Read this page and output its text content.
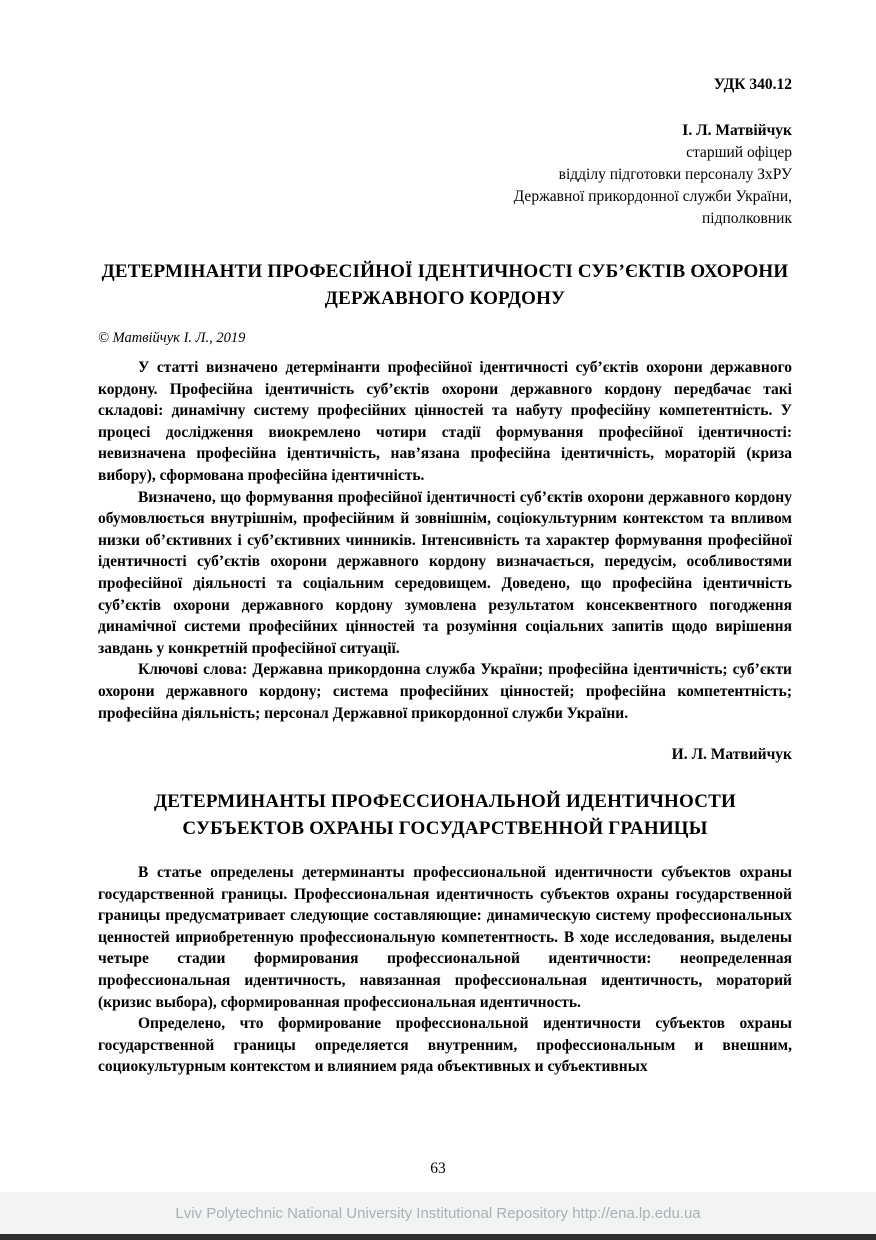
УДК 340.12
І. Л. Матвійчук
старший офіцер
відділу підготовки персоналу ЗхРУ
Державної прикордонної служби України,
підполковник
ДЕТЕРМІНАНТИ ПРОФЕСІЙНОЇ ІДЕНТИЧНОСТІ СУБ’ЄКТІВ ОХОРОНИ ДЕРЖАВНОГО КОРДОНУ
© Матвійчук І. Л., 2019

У статті визначено детермінанти професійної ідентичності суб’єктів охорони державного кордону. Професійна ідентичність суб’єктів охорони державного кордону передбачає такі складові: динамічну систему професійних цінностей та набуту професійну компетентність. У процесі дослідження виокремлено чотири стадії формування професійної ідентичності: невизначена професійна ідентичність, нав’язана професійна ідентичність, мораторій (криза вибору), сформована професійна ідентичність.

Визначено, що формування професійної ідентичності суб’єктів охорони державного кордону обумовлюється внутрішнім, професійним й зовнішнім, соціокультурним контекстом та впливом низки об’єктивних і суб’єктивних чинників. Інтенсивність та характер формування професійної ідентичності суб’єктів охорони державного кордону визначається, передусім, особливостями професійної діяльності та соціальним середовищем. Доведено, що професійна ідентичність суб’єктів охорони державного кордону зумовлена результатом консеквентного погодження динамічної системи професійних цінностей та розуміння соціальних запитів щодо вирішення завдань у конкретній професійної ситуації.

Ключові слова: Державна прикордонна служба України; професійна ідентичність; суб’єкти охорони державного кордону; система професійних цінностей; професійна компетентність; професійна діяльність; персонал Державної прикордонної служби України.

И. Л. Матвийчук
ДЕТЕРМИНАНТЫ ПРОФЕССИОНАЛЬНОЙ ИДЕНТИЧНОСТИ СУБЪЕКТОВ ОХРАНЫ ГОСУДАРСТВЕННОЙ ГРАНИЦЫ

В статье определены детерминанты профессиональной идентичности субъектов охраны государственной границы. Профессиональная идентичность субъектов охраны государственной границы предусматривает следующие составляющие: динамическую систему профессиональных ценностей иприобретенную профессиональную компетентность. В ходе исследования, выделены четыре стадии формирования профессиональной идентичности: неопределенная профессиональная идентичность, навязанная профессиональная идентичность, мораторий (кризис выбора), сформированная профессиональная идентичность.

Определено, что формирование профессиональной идентичности субъектов охраны государственной границы определяется внутренним, профессиональным и внешним, социокультурным контекстом и влиянием ряда объективных и субъективных

63
Lviv Polytechnic National University Institutional Repository http://ena.lp.edu.ua
